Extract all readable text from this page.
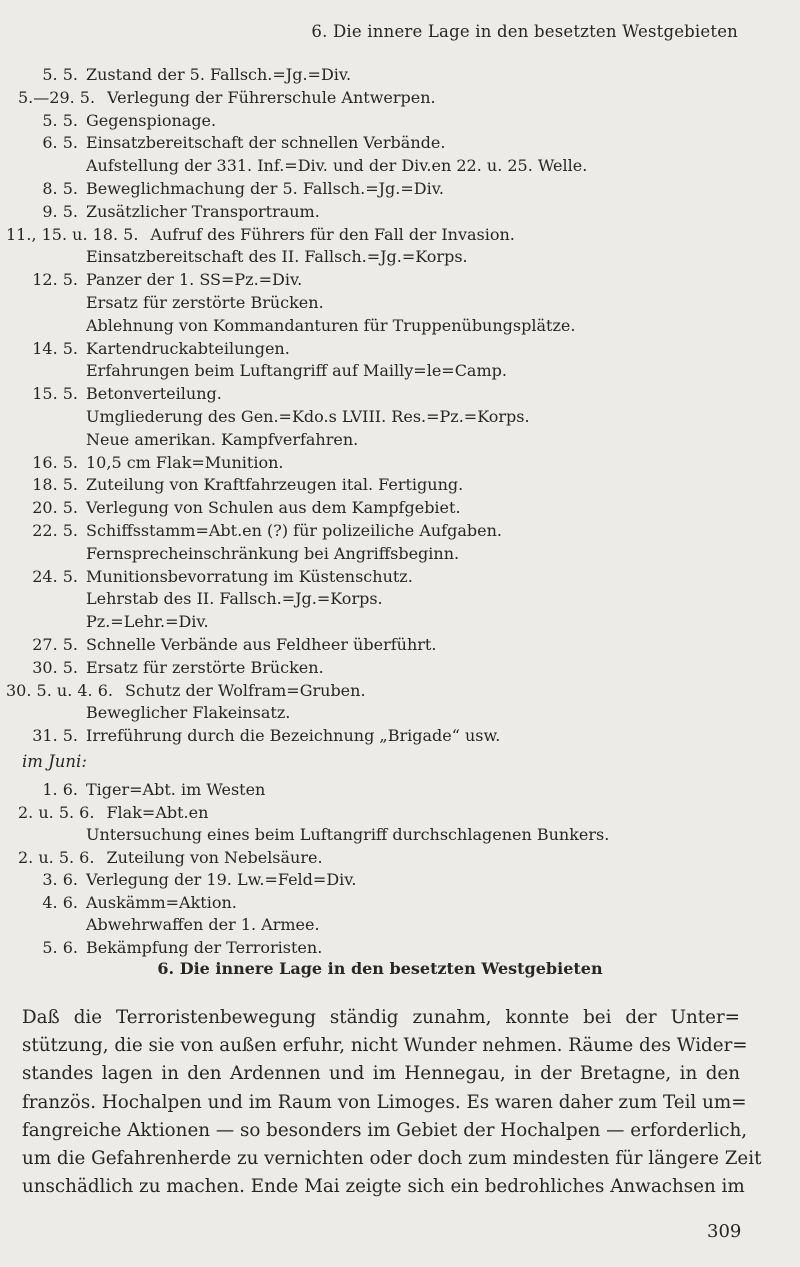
6. Die innere Lage in den besetzten Westgebieten
5. 5. Zustand der 5. Fallsch.=Jg.=Div.
5.—29. 5. Verlegung der Führerschule Antwerpen.
5. 5. Gegenspionage.
6. 5. Einsatzbereitschaft der schnellen Verbände.
Aufstellung der 331. Inf.=Div. und der Div.en 22. u. 25. Welle.
8. 5. Beweglichmachung der 5. Fallsch.=Jg.=Div.
9. 5. Zusätzlicher Transportraum.
11., 15. u. 18. 5. Aufruf des Führers für den Fall der Invasion.
Einsatzbereitschaft des II. Fallsch.=Jg.=Korps.
12. 5. Panzer der 1. SS=Pz.=Div.
Ersatz für zerstörte Brücken.
Ablehnung von Kommandanturen für Truppenübungsplätze.
14. 5. Kartendruckabteilungen.
Erfahrungen beim Luftangriff auf Mailly=le=Camp.
15. 5. Betonverteilung.
Umgliederung des Gen.=Kdo.s LVIII. Res.=Pz.=Korps.
Neue amerikan. Kampfverfahren.
16. 5. 10,5 cm Flak=Munition.
18. 5. Zuteilung von Kraftfahrzeugen ital. Fertigung.
20. 5. Verlegung von Schulen aus dem Kampfgebiet.
22. 5. Schiffsstamm=Abt.en (?) für polizeiliche Aufgaben.
Fernsprecheinschränkung bei Angriffsbeginn.
24. 5. Munitionsbevorratung im Küstenschutz.
Lehrstab des II. Fallsch.=Jg.=Korps.
Pz.=Lehr.=Div.
27. 5. Schnelle Verbände aus Feldheer überführt.
30. 5. Ersatz für zerstörte Brücken.
30. 5. u. 4. 6. Schutz der Wolfram=Gruben.
Beweglicher Flakeinsatz.
31. 5. Irreführung durch die Bezeichnung „Brigade“ usw.
im Juni:
1. 6. Tiger=Abt. im Westen
2. u. 5. 6. Flak=Abt.en
Untersuchung eines beim Luftangriff durchschlagenen Bunkers.
2. u. 5. 6. Zuteilung von Nebelsäure.
3. 6. Verlegung der 19. Lw.=Feld=Div.
4. 6. Auskämm=Aktion.
Abwehrwaffen der 1. Armee.
5. 6. Bekämpfung der Terroristen.
6. Die innere Lage in den besetzten Westgebieten
Daß die Terroristenbewegung ständig zunahm, konnte bei der Unter=
stützung, die sie von außen erfuhr, nicht Wunder nehmen. Räume des Wider=
standes lagen in den Ardennen und im Hennegau, in der Bretagne, in den
französ. Hochalpen und im Raum von Limoges. Es waren daher zum Teil um=
fangreiche Aktionen — so besonders im Gebiet der Hochalpen — erforderlich,
um die Gefahrenherde zu vernichten oder doch zum mindesten für längere Zeit
unschädlich zu machen. Ende Mai zeigte sich ein bedrohliches Anwachsen im
309
